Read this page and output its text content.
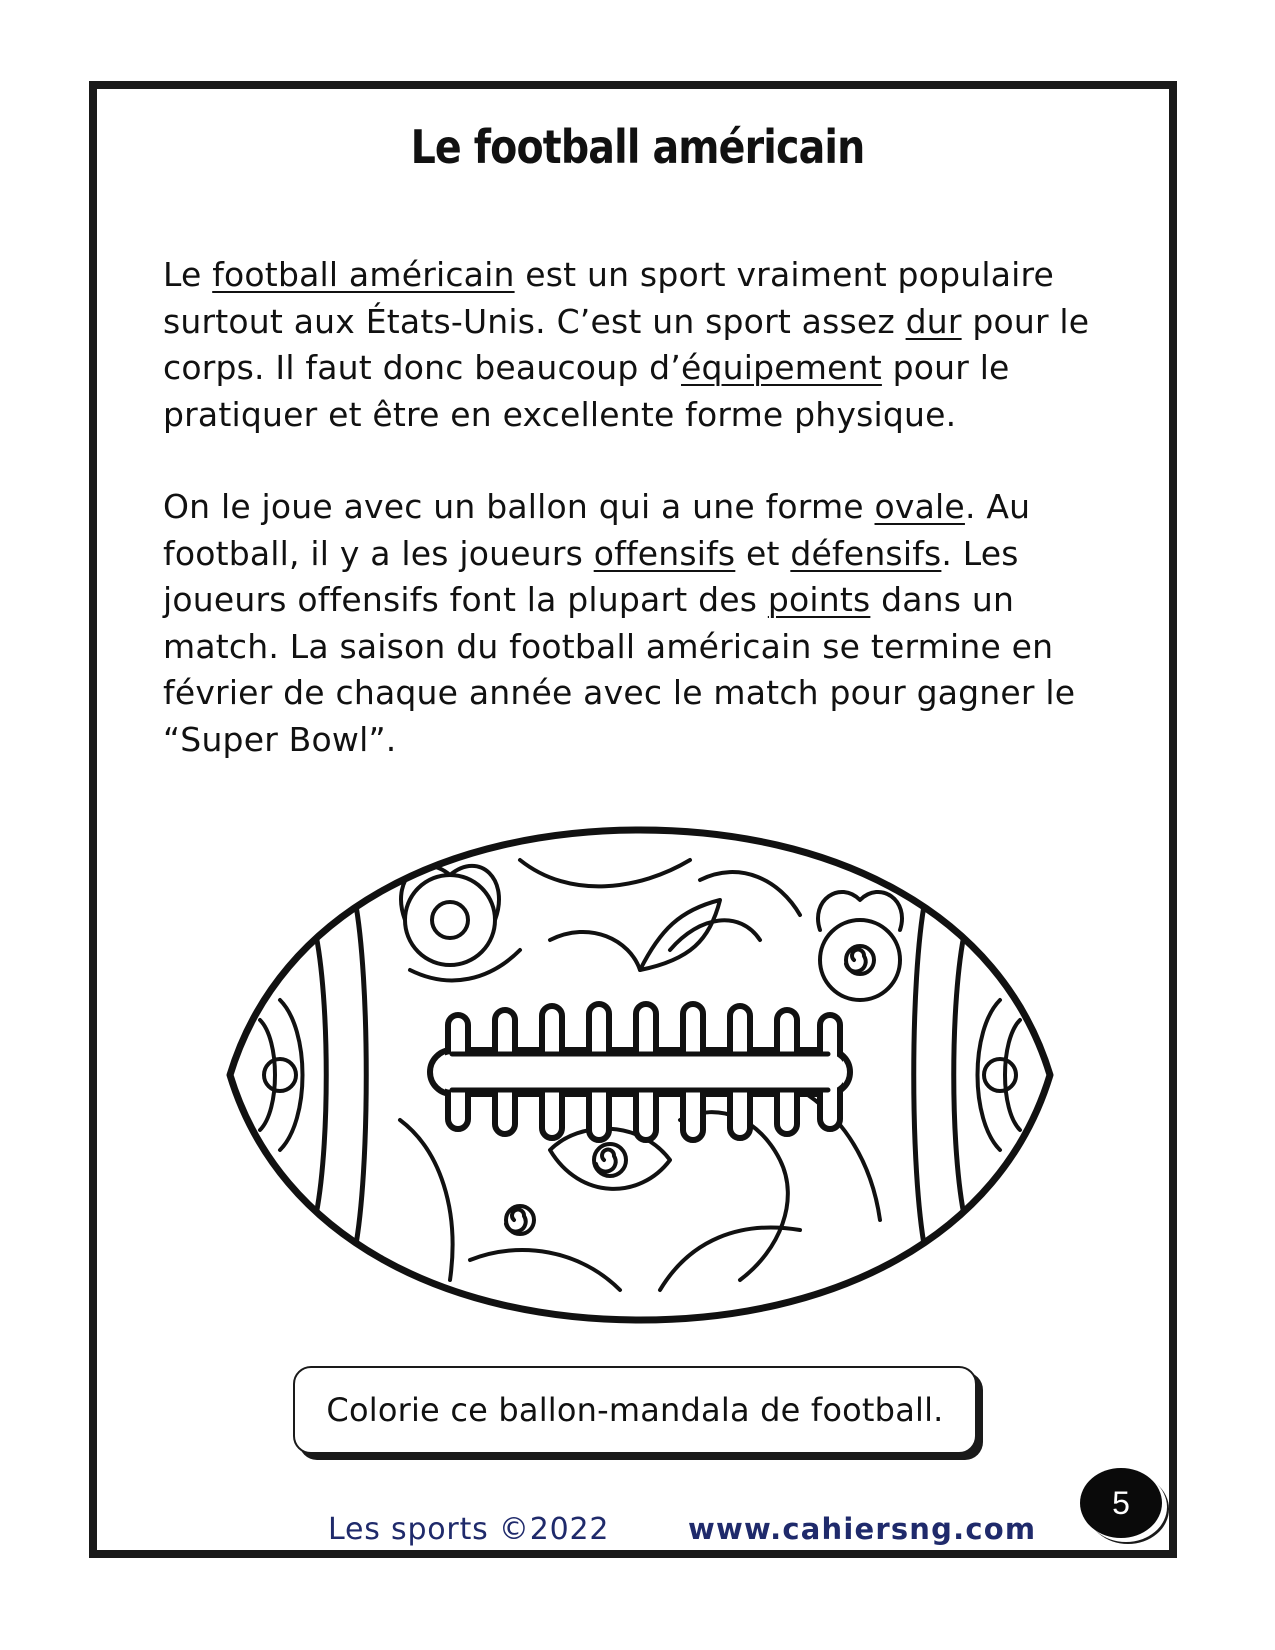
Le football américain

Le football américain est un sport vraiment populaire surtout aux États-Unis. C’est un sport assez dur pour le corps. Il faut donc beaucoup d’équipement pour le pratiquer et être en excellente forme physique.

On le joue avec un ballon qui a une forme ovale. Au football, il y a les joueurs offensifs et défensifs. Les joueurs offensifs font la plupart des points dans un match. La saison du football américain se termine en février de chaque année avec le match pour gagner le “Super Bowl”.

Colorie ce ballon-mandala de football.
Les sports ©2022	www.cahiersng.com
5
